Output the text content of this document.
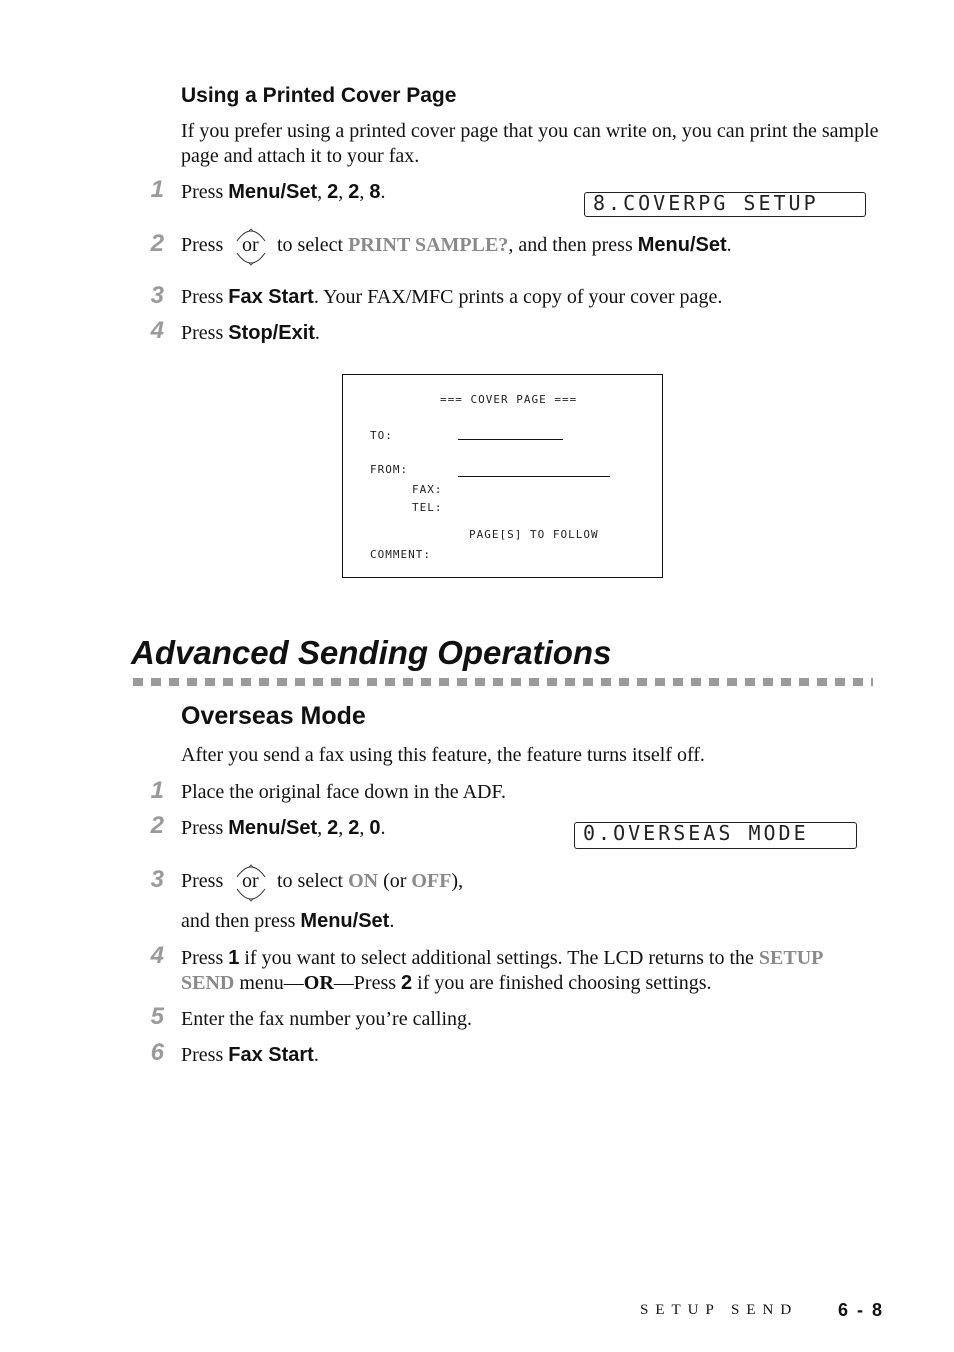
Using a Printed Cover Page
If you prefer using a printed cover page that you can write on, you can print the sample page and attach it to your fax.
1 Press Menu/Set, 2, 2, 8.	8.COVERPG SETUP
2 Press or to select PRINT SAMPLE?, and then press Menu/Set.
3 Press Fax Start. Your FAX/MFC prints a copy of your cover page.
4 Press Stop/Exit.
=== COVER PAGE ===
TO:
FROM:
FAX:
TEL:
PAGE[S] TO FOLLOW
COMMENT:
Advanced Sending Operations
Overseas Mode
After you send a fax using this feature, the feature turns itself off.
1 Place the original face down in the ADF.
2 Press Menu/Set, 2, 2, 0.	0.OVERSEAS MODE
3 Press or to select ON (or OFF),
and then press Menu/Set.
4 Press 1 if you want to select additional settings. The LCD returns to the SETUP
SEND menu—OR—Press 2 if you are finished choosing settings.
5 Enter the fax number you’re calling.
6 Press Fax Start.
SETUP SEND 6 - 8
